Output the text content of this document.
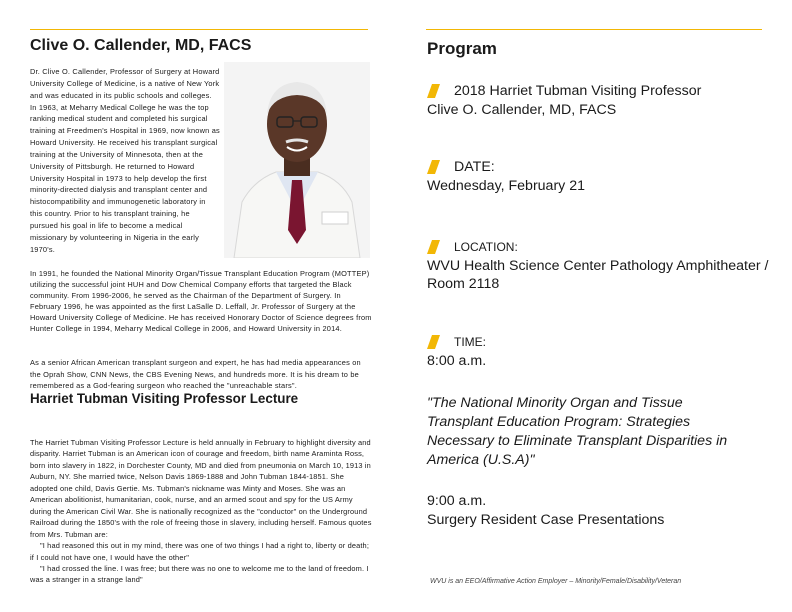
Clive O. Callender, MD, FACS
Dr. Clive O. Callender, Professor of Surgery at Howard University College of Medicine, is a native of New York and was educated in its public schools and colleges. In 1963, at Meharry Medical College he was the top ranking medical student and completed his surgical training at Freedmen's Hospital in 1969, now known as Howard University. He received his transplant surgical training at the University of Minnesota, then at the University of Pittsburgh. He returned to Howard University Hospital in 1973 to help develop the first minority-directed dialysis and transplant center and histocompatibility and immunogenetic laboratory in this country. Prior to his transplant training, he pursued his goal in life to become a medical missionary by volunteering in Nigeria in the early 1970's.
In 1991, he founded the National Minority Organ/Tissue Transplant Education Program (MOTTEP) utilizing the successful joint HUH and Dow Chemical Company efforts that targeted the Black community. From 1996-2006, he served as the Chairman of the Department of Surgery. In February 1996, he was appointed as the first LaSalle D. Leffall, Jr. Professor of Surgery at the Howard University College of Medicine. He has received Honorary Doctor of Science degrees from Hunter College in 1994, Meharry Medical College in 2006, and Howard University in 2014.
As a senior African American transplant surgeon and expert, he has had media appearances on the Oprah Show, CNN News, the CBS Evening News, and hundreds more. It is his dream to be remembered as a God-fearing surgeon who reached the "unreachable stars".
Harriet Tubman Visiting Professor Lecture

The Harriet Tubman Visiting Professor Lecture is held annually in February to highlight diversity and disparity. Harriet Tubman is an American icon of courage and freedom, birth name Araminta Ross, born into slavery in 1822, in Dorchester County, MD and died from pneumonia on March 10, 1913 in Auburn, NY. She married twice, Nelson Davis 1869-1888 and John Tubman 1844-1851. She adopted one child, Davis Gertie. Ms. Tubman's nickname was Minty and Moses. She was an American abolitionist, humanitarian, cook, nurse, and an armed scout and spy for the US Army during the American Civil War. She is nationally recognized as the "conductor" on the Underground Railroad during the 1850's with the role of freeing those in slavery, including herself. Famous quotes from Mrs. Tubman are:

"I had reasoned this out in my mind, there was one of two things I had a right to, liberty or death; if I could not have one, I would have the other"

"I had crossed the line. I was free; but there was no one to welcome me to the land of freedom. I was a stranger in a strange land"

Program
2018 Harriet Tubman Visiting Professor
Clive O. Callender, MD, FACS
DATE:
Wednesday, February 21
LOCATION:
WVU Health Science Center Pathology Amphitheater / Room 2118
TIME:
8:00 a.m.
"The National Minority Organ and Tissue Transplant Education Program: Strategies Necessary to Eliminate Transplant Disparities in America (U.S.A)"
9:00 a.m.
Surgery Resident Case Presentations
WVU is an EEO/Affirmative Action Employer – Minority/Female/Disability/Veteran
